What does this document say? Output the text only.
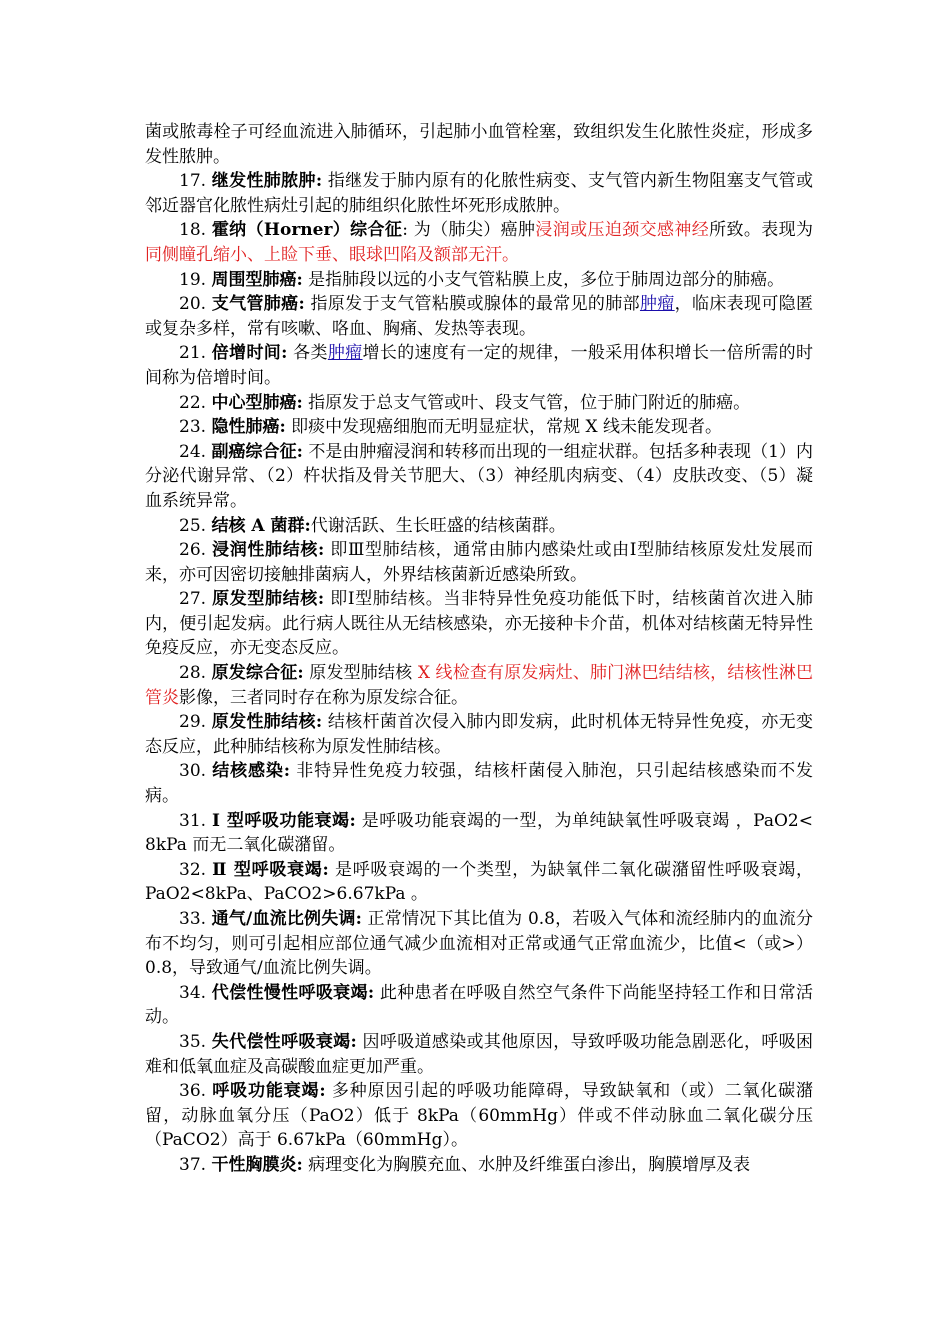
菌或脓毒栓子可经血流进入肺循环，引起肺小血管栓塞，致组织发生化脓性炎症，形成多发性脓肿。

17. 继发性肺脓肿: 指继发于肺内原有的化脓性病变、支气管内新生物阻塞支气管或邻近器官化脓性病灶引起的肺组织化脓性坏死形成脓肿。

18. 霍纳（Horner）综合征: 为（肺尖）癌肿浸润或压迫颈交感神经所致。表现为同侧瞳孔缩小、上睑下垂、眼球凹陷及额部无汗。

19. 周围型肺癌: 是指肺段以远的小支气管粘膜上皮，多位于肺周边部分的肺癌。

20. 支气管肺癌: 指原发于支气管粘膜或腺体的最常见的肺部肿瘤，临床表现可隐匿或复杂多样，常有咳嗽、咯血、胸痛、发热等表现。

21. 倍增时间: 各类肿瘤增长的速度有一定的规律，一般采用体积增长一倍所需的时间称为倍增时间。

22. 中心型肺癌: 指原发于总支气管或叶、段支气管，位于肺门附近的肺癌。

23. 隐性肺癌: 即痰中发现癌细胞而无明显症状，常规 X 线未能发现者。

24. 副癌综合征: 不是由肿瘤浸润和转移而出现的一组症状群。包括多种表现（1）内分泌代谢异常、（2）杵状指及骨关节肥大、（3）神经肌肉病变、（4）皮肤改变、（5）凝血系统异常。

25. 结核 A 菌群:代谢活跃、生长旺盛的结核菌群。

26. 浸润性肺结核: 即Ⅲ型肺结核，通常由肺内感染灶或由Ⅰ型肺结核原发灶发展而来，亦可因密切接触排菌病人，外界结核菌新近感染所致。

27. 原发型肺结核: 即Ⅰ型肺结核。当非特异性免疫功能低下时，结核菌首次进入肺内，便引起发病。此行病人既往从无结核感染，亦无接种卡介苗，机体对结核菌无特异性免疫反应，亦无变态反应。

28. 原发综合征: 原发型肺结核 X 线检查有原发病灶、肺门淋巴结结核，结核性淋巴管炎影像，三者同时存在称为原发综合征。

29. 原发性肺结核: 结核杆菌首次侵入肺内即发病，此时机体无特异性免疫，亦无变态反应，此种肺结核称为原发性肺结核。

30. 结核感染: 非特异性免疫力较强，结核杆菌侵入肺泡，只引起结核感染而不发病。

31. Ⅰ 型呼吸功能衰竭: 是呼吸功能衰竭的一型，为单纯缺氧性呼吸衰竭 ，PaO2< 8kPa 而无二氧化碳潴留。

32. Ⅱ 型呼吸衰竭: 是呼吸衰竭的一个类型，为缺氧伴二氧化碳潴留性呼吸衰竭，PaO2<8kPa、PaCO2>6.67kPa 。

33. 通气/血流比例失调: 正常情况下其比值为 0.8，若吸入气体和流经肺内的血流分布不均匀，则可引起相应部位通气减少血流相对正常或通气正常血流少，比值<（或>）0.8，导致通气/血流比例失调。

34. 代偿性慢性呼吸衰竭: 此种患者在呼吸自然空气条件下尚能坚持轻工作和日常活动。

35. 失代偿性呼吸衰竭: 因呼吸道感染或其他原因，导致呼吸功能急剧恶化，呼吸困难和低氧血症及高碳酸血症更加严重。

36. 呼吸功能衰竭: 多种原因引起的呼吸功能障碍，导致缺氧和（或）二氧化碳潴留，动脉血氧分压（PaO2）低于 8kPa（60mmHg）伴或不伴动脉血二氧化碳分压（PaCO2）高于 6.67kPa（60mmHg）。

37. 干性胸膜炎: 病理变化为胸膜充血、水肿及纤维蛋白渗出，胸膜增厚及表
